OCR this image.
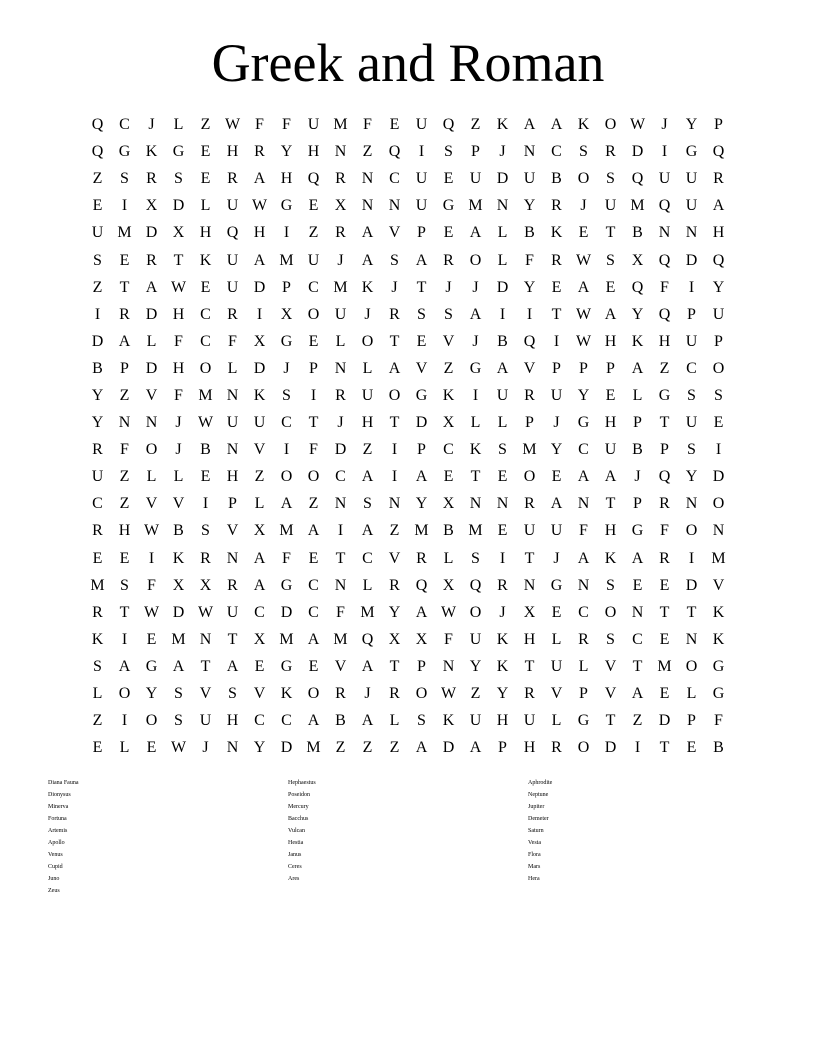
Greek and Roman
Q C	J	L	Z W F	F	U M F	E	U Q	Z	K A A K O W	J	Y	P
Q G K G	E	H R Y H N	Z	Q	I	S	P	J	N C	S	R D	I	G Q
Z	S	R	S	E	R A H Q R N C U	E	U D U B O	S	Q U U R
E	I	X D	L	U W G	E	X N N U G M N Y R	J	U M Q U A
U M D X H Q H	I	Z	R A V	P	E	A	L	B K	E	T	B N N H
S	E	R	T	K U A M U	J	A	S	A R O	L	F	R W S	X Q D Q
Z	T	A W E	U D	P	C M K	J	T	J	J	D Y	E	A	E	Q	F	I	Y
I	R D H C	R	I	X O U	J	R	S	S	A	I	I	T W A Y Q	P	U
D A	L	F	C	F	X G	E	L	O	T	E	V	J	B Q	I	W H K H U	P
B	P	D H O	L	D	J	P	N	L	A V	Z	G A V	P	P	P	A	Z	C O
Y	Z	V	F M N K	S	I	R U O G K	I	U R U Y	E	L	G	S	S
Y N N	J	W U U C	T	J	H	T	D X	L	L	P	J	G H	P	T	U	E
R	F	O	J	B N V	I	F	D	Z	I	P	C K	S M Y C U B	P	S	I
U	Z	L	L	E	H	Z	O O C A	I	A	E	T	E	O	E	A A	J	Q Y D
C	Z	V V	I	P	L	A	Z	N	S	N Y X N N R A N	T	P	R N O
R H W B	S	V X M A	I	A	Z M B M E	U U	F	H G	F	O N
E	E	I	K R N A	F	E	T	C V R	L	S	I	T	J	A K A R	I	M
M S	F	X X R A G C N	L	R Q X Q R N G N	S	E	E	D V
R	T W D W U C D C	F M Y A W O	J	X	E	C O N	T	T	K
K	I	E M N	T	X M A M Q X X	F	U K H	L	R	S	C	E	N K
S	A G A	T	A	E	G	E	V A	T	P	N Y K	T	U	L	V	T M O G
L	O Y	S	V	S	V K O R	J	R O W Z	Y R V	P	V A	E	L	G
Z	I	O	S	U H C	C A B A	L	S	K U H U	L	G	T	Z	D	P	F
E	L	E W	J	N Y D M Z	Z	Z	A D A	P	H R O D	I	T	E	B
Diana Fauna
Dionysus
Minerva
Fortuna
Artemis
Apollo
Venus
Cupid
Juno
Zeus
Hephaestus
Poseidon
Mercury
Bacchus
Vulcan
Hestia
Janus
Ceres
Ares
Aphrodite
Neptune
Jupiter
Demeter
Saturn
Vesta
Flora
Mars
Hera
